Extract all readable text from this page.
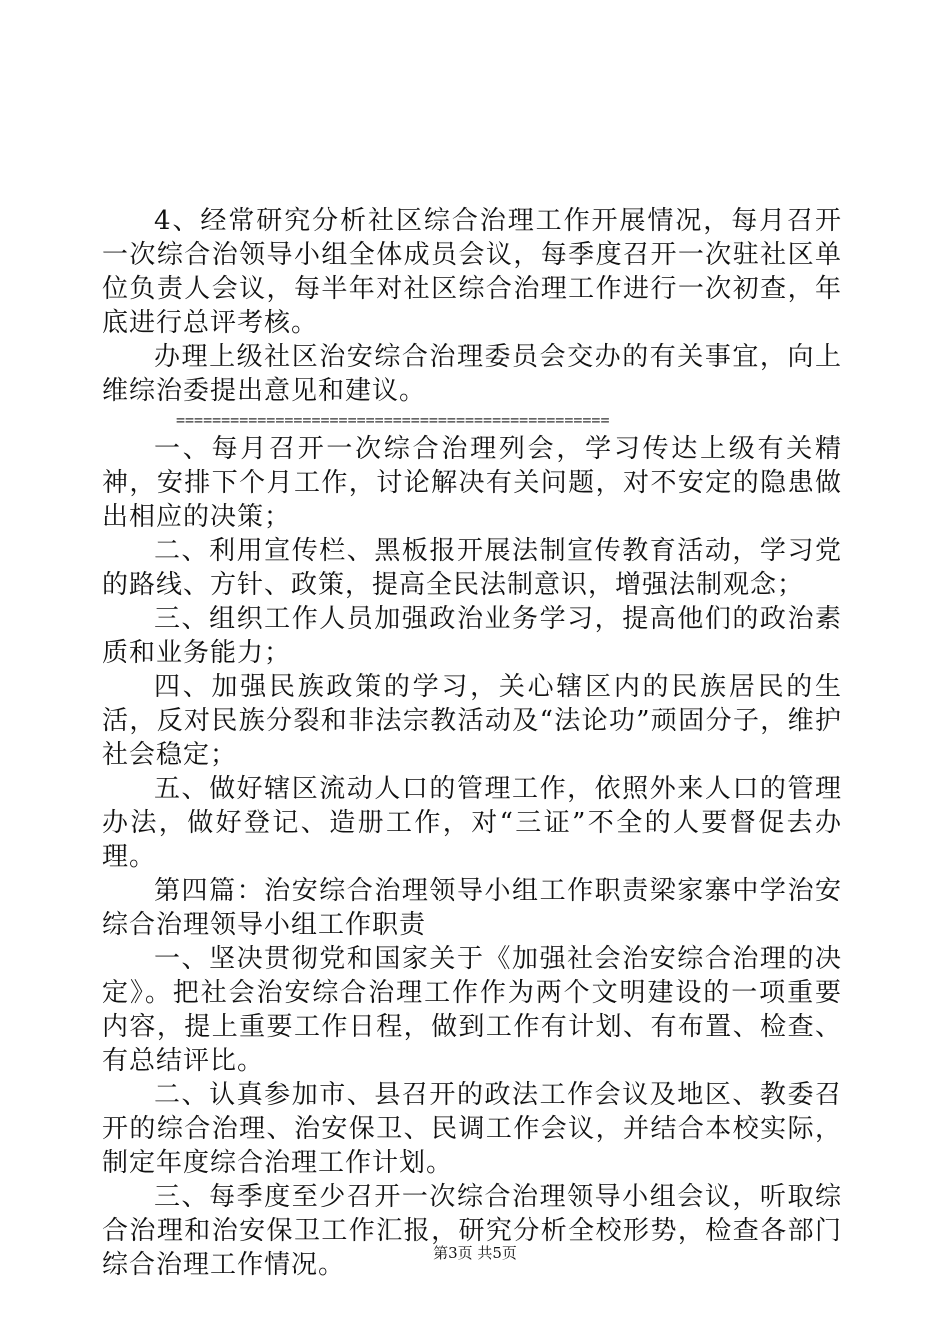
4、经常研究分析社区综合治理工作开展情况，每月召开一次综合治领导小组全体成员会议，每季度召开一次驻社区单位负责人会议，每半年对社区综合治理工作进行一次初查，年底进行总评考核。

办理上级社区治安综合治理委员会交办的有关事宜，向上维综治委提出意见和建议。

================================================

一、每月召开一次综合治理列会，学习传达上级有关精神，安排下个月工作，讨论解决有关问题，对不安定的隐患做出相应的决策；

二、利用宣传栏、黑板报开展法制宣传教育活动，学习党的路线、方针、政策，提高全民法制意识，增强法制观念；

三、组织工作人员加强政治业务学习，提高他们的政治素质和业务能力；

四、加强民族政策的学习，关心辖区内的民族居民的生活，反对民族分裂和非法宗教活动及“法论功”顽固分子，维护社会稳定；

五、做好辖区流动人口的管理工作，依照外来人口的管理办法，做好登记、造册工作，对“三证”不全的人要督促去办理。

第四篇：治安综合治理领导小组工作职责梁家寨中学治安综合治理领导小组工作职责

一、坚决贯彻党和国家关于《加强社会治安综合治理的决定》。把社会治安综合治理工作作为两个文明建设的一项重要内容，提上重要工作日程，做到工作有计划、有布置、检查、有总结评比。

二、认真参加市、县召开的政法工作会议及地区、教委召开的综合治理、治安保卫、民调工作会议，并结合本校实际，制定年度综合治理工作计划。

三、每季度至少召开一次综合治理领导小组会议，听取综合治理和治安保卫工作汇报，研究分析全校形势，检查各部门综合治理工作情况。	第3页 共5页
